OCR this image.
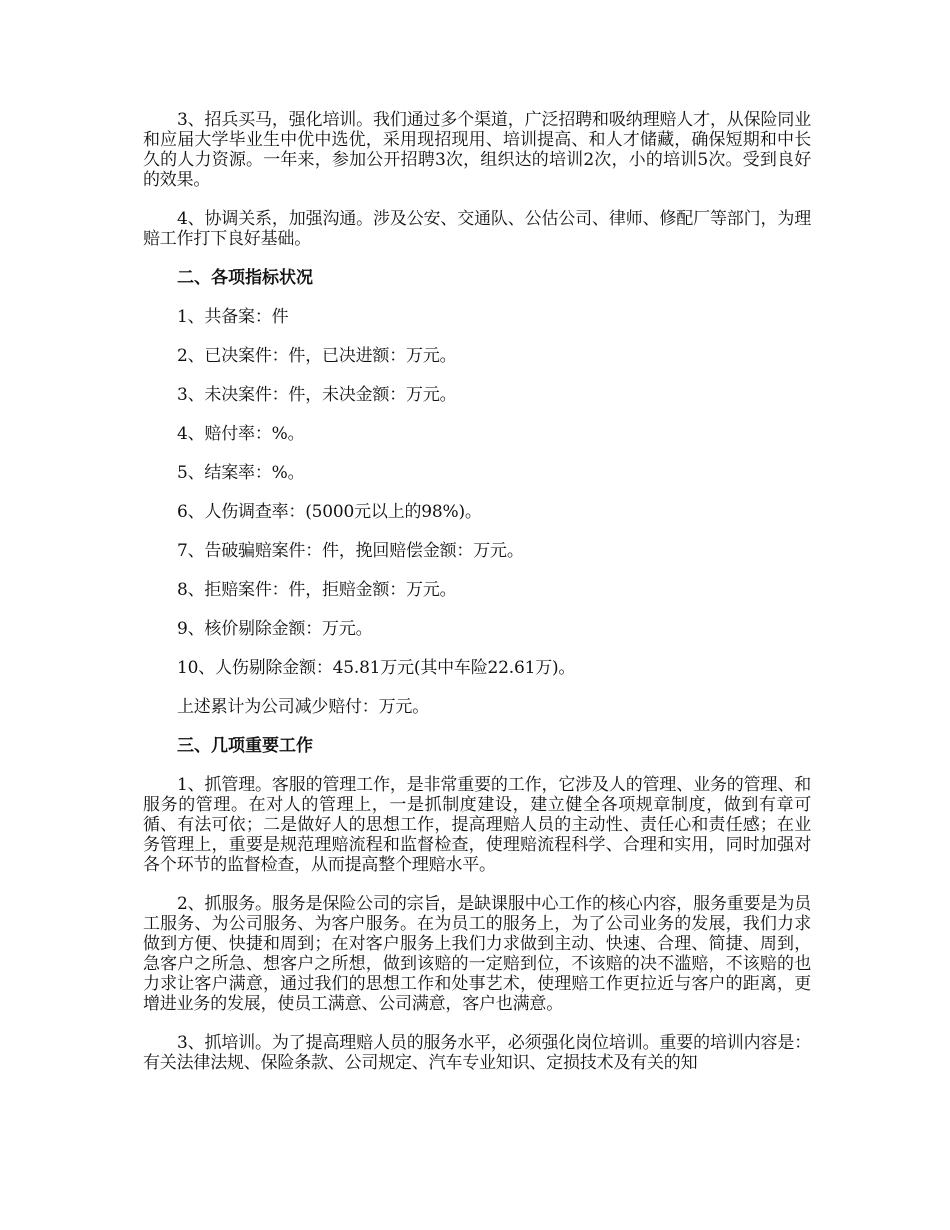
3、招兵买马，强化培训。我们通过多个渠道，广泛招聘和吸纳理赔人才，从保险同业和应届大学毕业生中优中选优，采用现招现用、培训提高、和人才储藏，确保短期和中长久的人力资源。一年来，参加公开招聘3次，组织达的培训2次，小的培训5次。受到良好的效果。

4、协调关系，加强沟通。涉及公安、交通队、公估公司、律师、修配厂等部门，为理赔工作打下良好基础。

二、各项指标状况

1、共备案：件

2、已决案件：件，已决进额：万元。

3、未决案件：件，未决金额：万元。

4、赔付率：%。

5、结案率：%。

6、人伤调查率：(5000元以上的98%)。

7、告破骗赔案件：件，挽回赔偿金额：万元。

8、拒赔案件：件，拒赔金额：万元。

9、核价剔除金额：万元。

10、人伤剔除金额：45.81万元(其中车险22.61万)。

上述累计为公司减少赔付：万元。

三、几项重要工作

1、抓管理。客服的管理工作，是非常重要的工作，它涉及人的管理、业务的管理、和服务的管理。在对人的管理上，一是抓制度建设，建立健全各项规章制度，做到有章可循、有法可依；二是做好人的思想工作，提高理赔人员的主动性、责任心和责任感；在业务管理上，重要是规范理赔流程和监督检查，使理赔流程科学、合理和实用，同时加强对各个环节的监督检查，从而提高整个理赔水平。

2、抓服务。服务是保险公司的宗旨，是缺课服中心工作的核心内容，服务重要是为员工服务、为公司服务、为客户服务。在为员工的服务上，为了公司业务的发展，我们力求做到方便、快捷和周到；在对客户服务上我们力求做到主动、快速、合理、简捷、周到，急客户之所急、想客户之所想，做到该赔的一定赔到位，不该赔的决不滥赔，不该赔的也力求让客户满意，通过我们的思想工作和处事艺术，使理赔工作更拉近与客户的距离，更增进业务的发展，使员工满意、公司满意，客户也满意。

3、抓培训。为了提高理赔人员的服务水平，必须强化岗位培训。重要的培训内容是：有关法律法规、保险条款、公司规定、汽车专业知识、定损技术及有关的知
